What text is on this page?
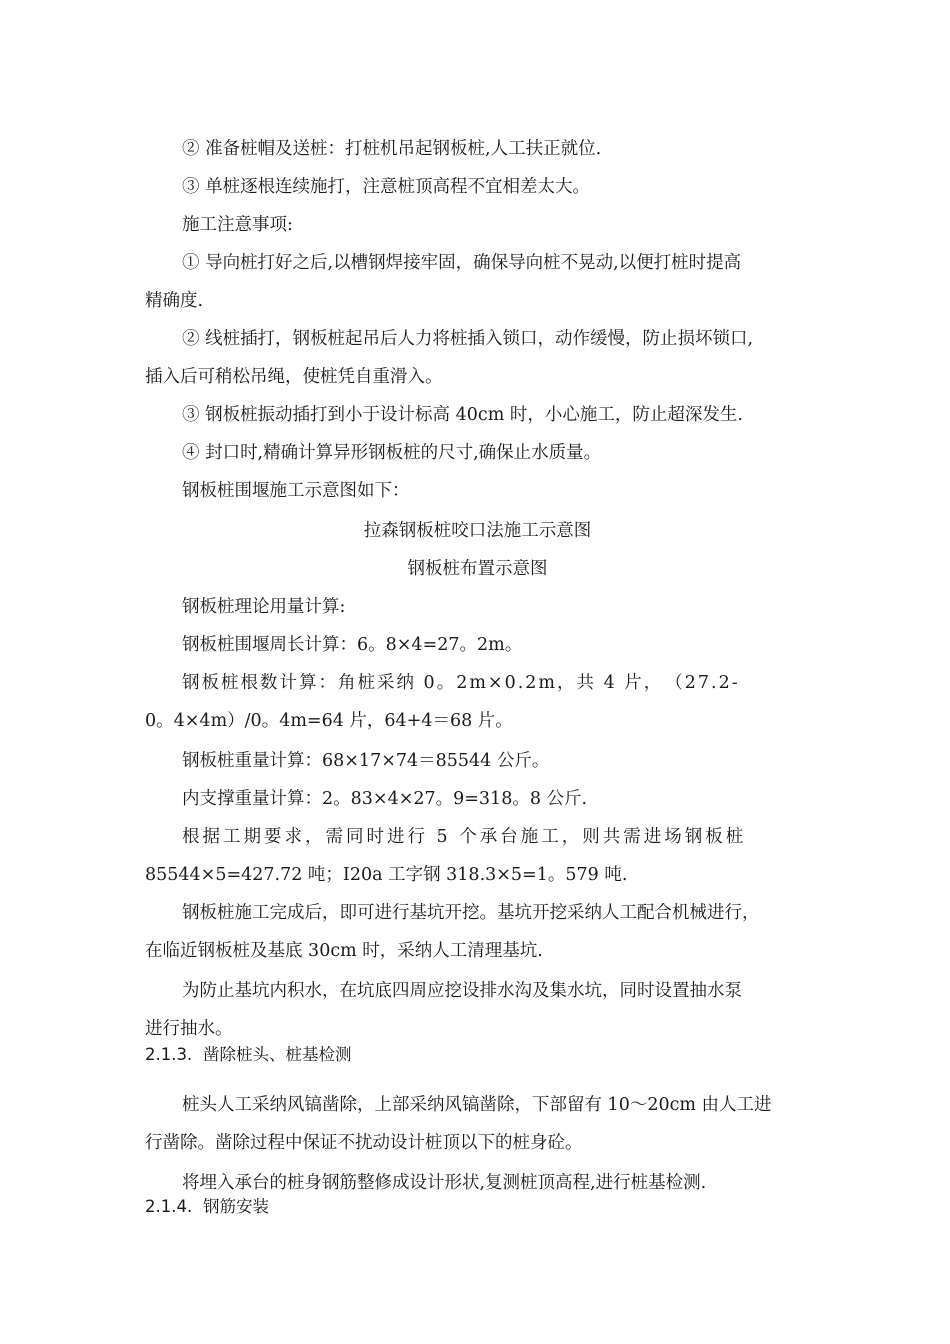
② 准备桩帽及送桩：打桩机吊起钢板桩,人工扶正就位.
③ 单桩逐根连续施打，注意桩顶高程不宜相差太大。
施工注意事项:
① 导向桩打好之后,以槽钢焊接牢固，确保导向桩不晃动,以便打桩时提高
精确度.
② 线桩插打，钢板桩起吊后人力将桩插入锁口，动作缓慢，防止损坏锁口,
插入后可稍松吊绳，使桩凭自重滑入。
③ 钢板桩振动插打到小于设计标高 40cm 时，小心施工，防止超深发生.
④ 封口时,精确计算异形钢板桩的尺寸,确保止水质量。
钢板桩围堰施工示意图如下：
拉森钢板桩咬口法施工示意图
钢板桩布置示意图
钢板桩理论用量计算:
钢板桩围堰周长计算：6。8×4=27。2m。
钢板桩根数计算：角桩采纳 0。2m×0.2m，共 4 片，　（27.2-
0。4×4m）/0。4m=64 片，64+4＝68 片。
钢板桩重量计算：68×17×74＝85544 公斤。
内支撑重量计算：2。83×4×27。9=318。8 公斤.
根据工期要求，需同时进行 5 个承台施工，则共需进场钢板桩
85544×5=427.72 吨；Ⅰ20a 工字钢 318.3×5=1。579 吨.
钢板桩施工完成后，即可进行基坑开挖。基坑开挖采纳人工配合机械进行，
在临近钢板桩及基底 30cm 时，采纳人工清理基坑.
为防止基坑内积水，在坑底四周应挖设排水沟及集水坑，同时设置抽水泵
进行抽水。
2.1.3. 凿除桩头、桩基检测
桩头人工采纳风镐凿除，上部采纳风镐凿除，下部留有 10～20cm 由人工进
行凿除。凿除过程中保证不扰动设计桩顶以下的桩身砼。
将埋入承台的桩身钢筋整修成设计形状,复测桩顶高程,进行桩基检测.
2.1.4. 钢筋安装
